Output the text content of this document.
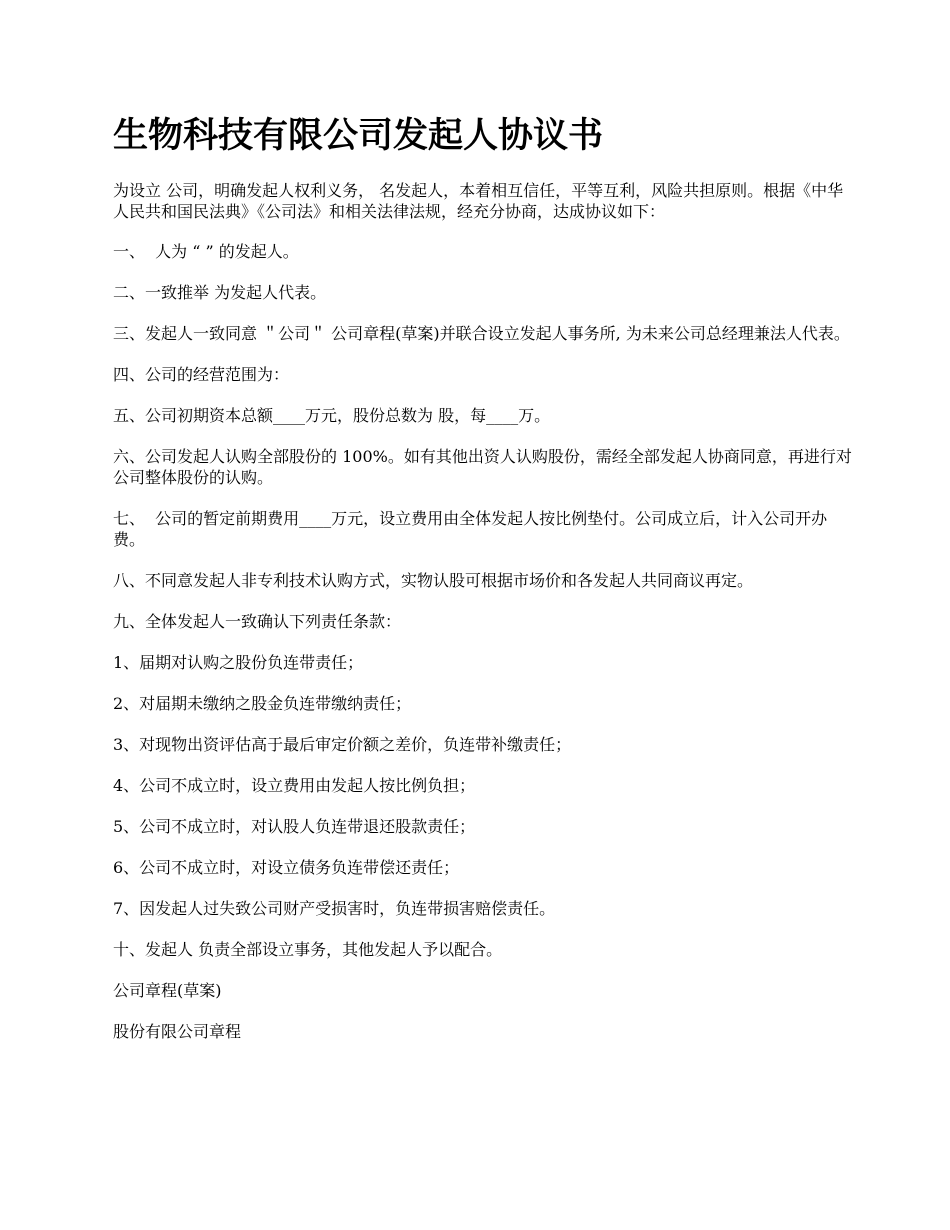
生物科技有限公司发起人协议书

为设立 公司，明确发起人权利义务， 名发起人，本着相互信任，平等互利，风险共担原则。根据《中华人民共和国民法典》《公司法》和相关法律法规，经充分协商，达成协议如下：

一、  人为 “ ” 的发起人。

二、一致推举 为发起人代表。

三、发起人一致同意 ＂公司＂ 公司章程(草案)并联合设立发起人事务所, 为未来公司总经理兼法人代表。

四、公司的经营范围为：

五、公司初期资本总额____万元，股份总数为 股，每____万。

六、公司发起人认购全部股份的 100%。如有其他出资人认购股份，需经全部发起人协商同意，再进行对公司整体股份的认购。

七、  公司的暂定前期费用____万元，设立费用由全体发起人按比例垫付。公司成立后，计入公司开办费。

八、不同意发起人非专利技术认购方式，实物认股可根据市场价和各发起人共同商议再定。

九、全体发起人一致确认下列责任条款：

1、届期对认购之股份负连带责任；

2、对届期未缴纳之股金负连带缴纳责任；

3、对现物出资评估高于最后审定价额之差价，负连带补缴责任；

4、公司不成立时，设立费用由发起人按比例负担；

5、公司不成立时，对认股人负连带退还股款责任；

6、公司不成立时，对设立债务负连带偿还责任；

7、因发起人过失致公司财产受损害时，负连带损害赔偿责任。

十、发起人 负责全部设立事务，其他发起人予以配合。

公司章程(草案)

股份有限公司章程
